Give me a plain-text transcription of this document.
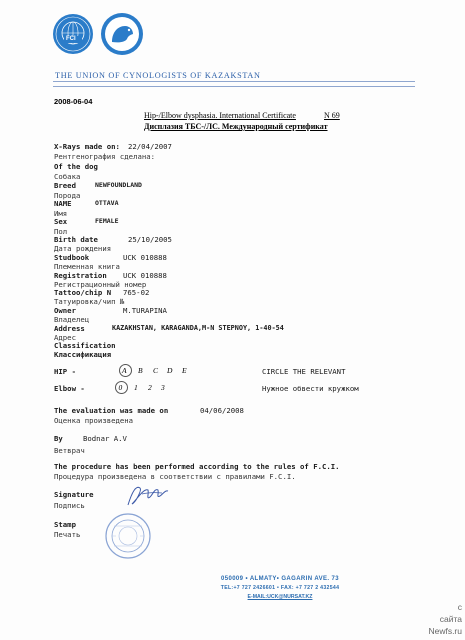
FCI
THE UNION OF CYNOLOGISTS OF KAZAKSTAN
2008-06-04
Hip-/Elbow dysphasia. International Certificate	N 69
Дисплазия ТБС-/ЛС. Международный сертификат
X-Rays made on: 22/04/2007
Рентгенография сделана:
Of the dog
Собака
Breed	NEWFOUNDLAND
Порода
NAME	OTTAVA
Имя
Sex	FEMALE
Пол
Birth date	25/10/2005
Дата рождения
Studbook	UCK 010888
Племенная книга
Registration UCK 010888
Регистрационный номер
Tattoo/chip N 765-02
Татуировка/чип №
Owner	M.TURAPINA
Владелец
Address	KAZAKHSTAN, KARAGANDA,M-N STEPNOY, 1-40-54
Адрес
Classification
Классификация
HIP -	A B C D E	CIRCLE THE RELEVANT
Elbow -	0 1 2 3	Нужное обвести кружком
The evaluation was made on	04/06/2008
Оценка произведена
By	Bodnar A.V
Ветврач
The procedure has been performed according to the rules of F.C.I.
Процедура произведена в соответствии с правилами F.C.I.
Signature
Подпись
Stamp
Печать
050009 • ALMATY• GAGARIN AVE. 73
TEL:+7 727 2426601 • FAX: +7 727 2 432544
E-MAIL:UCK@NURSAT.KZ
с
сайта
Newfs.ru
